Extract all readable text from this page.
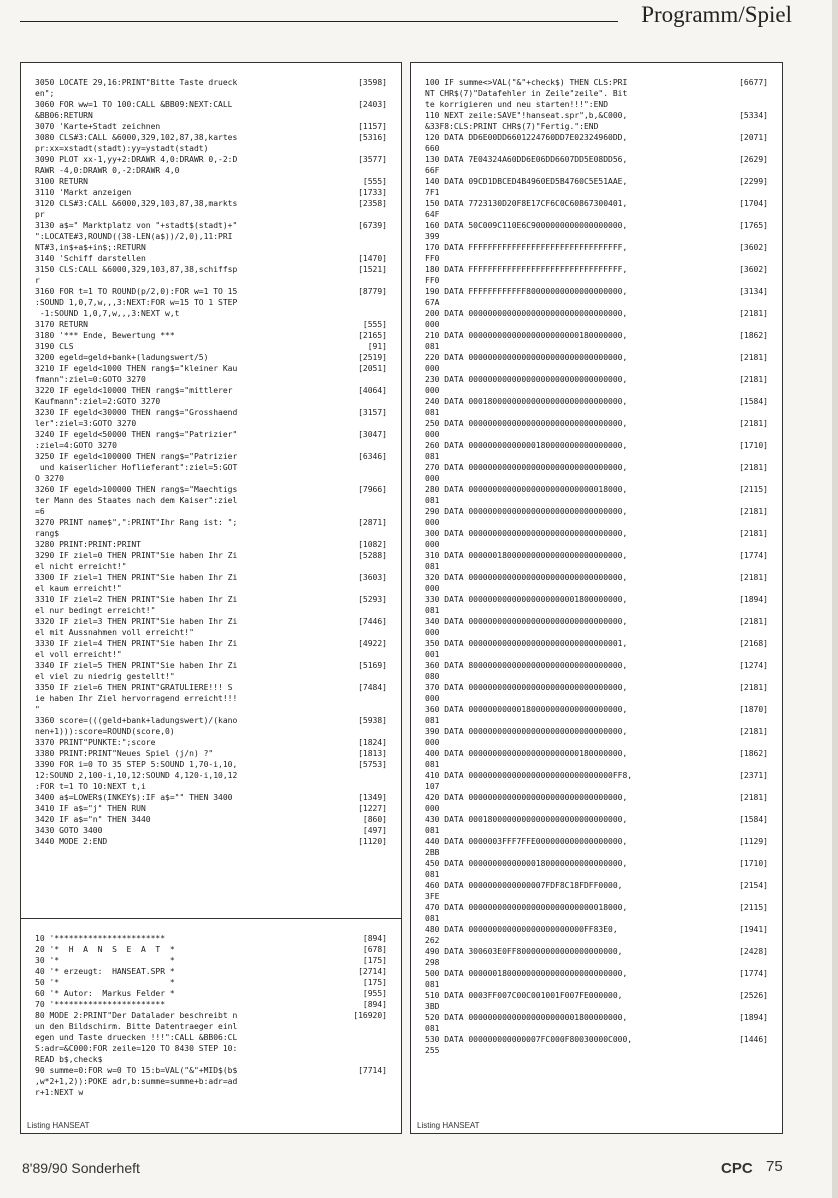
Programm/Spiel
3050 LOCATE 29,16:PRINT"Bitte Taste drueck	[3598]
en";
3060 FOR ww=1 TO 100:CALL &BB09:NEXT:CALL	[2403]
&BB06:RETURN
3070 'Karte+Stadt zeichnen	[1157]
3080 CLS#3:CALL &6000,329,102,87,38,kartes	[5316]
pr:xx=xstadt(stadt):yy=ystadt(stadt)
3090 PLOT xx-1,yy+2:DRAWR 4,0:DRAWR 0,-2:D	[3577]
RAWR -4,0:DRAWR 0,-2:DRAWR 4,0
3100 RETURN	[555]
3110 'Markt anzeigen	[1733]
3120 CLS#3:CALL &6000,329,103,87,38,markts	[2358]
pr
3130 a$=" Marktplatz von "+stadt$(stadt)+"	[6739]
":LOCATE#3,ROUND((38-LEN(a$))/2,0),11:PRI
NT#3,in$+a$+in$;:RETURN
3140 'Schiff darstellen	[1470]
3150 CLS:CALL &6000,329,103,87,38,schiffsp	[1521]
r
3160 FOR t=1 TO ROUND(p/2,0):FOR w=1 TO 15	[8779]
:SOUND 1,0,7,w,,,3:NEXT:FOR w=15 TO 1 STEP
-1:SOUND 1,0,7,w,,,3:NEXT w,t
3170 RETURN	[555]
3180 '*** Ende, Bewertung ***	[2165]
3190 CLS	[91]
3200 egeld=geld+bank+(ladungswert/5)	[2519]
3210 IF egeld<1000 THEN rang$="kleiner Kau	[2051]
fmann":ziel=0:GOTO 3270
3220 IF egeld<10000 THEN rang$="mittlerer	[4064]
Kaufmann":ziel=2:GOTO 3270
3230 IF egeld<30000 THEN rang$="Grosshaend	[3157]
ler":ziel=3:GOTO 3270
3240 IF egeld<50000 THEN rang$="Patrizier"	[3047]
:ziel=4:GOTO 3270
3250 IF egeld<100000 THEN rang$="Patrizier	[6346]
und kaiserlicher Hoflieferant":ziel=5:GOT
O 3270
3260 IF egeld>100000 THEN rang$="Maechtigs	[7966]
ter Mann des Staates nach dem Kaiser":ziel
=6
3270 PRINT name$",":PRINT"Ihr Rang ist: ";	[2871]
rang$
3280 PRINT:PRINT:PRINT	[1082]
3290 IF ziel=0 THEN PRINT"Sie haben Ihr Zi	[5288]
el nicht erreicht!"
3300 IF ziel=1 THEN PRINT"Sie haben Ihr Zi	[3603]
el kaum erreicht!"
3310 IF ziel=2 THEN PRINT"Sie haben Ihr Zi	[5293]
el nur bedingt erreicht!"
3320 IF ziel=3 THEN PRINT"Sie haben Ihr Zi	[7446]
el mit Aussnahmen voll erreicht!"
3330 IF ziel=4 THEN PRINT"Sie haben Ihr Zi	[4922]
el voll erreicht!"
3340 IF ziel=5 THEN PRINT"Sie haben Ihr Zi	[5169]
el viel zu niedrig gestellt!"
3350 IF ziel=6 THEN PRINT"GRATULIERE!!! S	[7484]
ie haben Ihr Ziel hervorragend erreicht!!!
"
3360 score=(((geld+bank+ladungswert)/(kano	[5938]
nen+1))):score=ROUND(score,0)
3370 PRINT"PUNKTE:";score	[1824]
3380 PRINT:PRINT"Neues Spiel (j/n) ?"	[1813]
3390 FOR i=0 TO 35 STEP 5:SOUND 1,70-i,10,	[5753]
12:SOUND 2,100-i,10,12:SOUND 4,120-i,10,12
:FOR t=1 TO 10:NEXT t,i
3400 a$=LOWER$(INKEY$):IF a$="" THEN 3400	[1349]
3410 IF a$="j" THEN RUN	[1227]
3420 IF a$="n" THEN 3440	[860]
3430 GOTO 3400	[497]
3440 MODE 2:END	[1120]
10 '***********************	[894]
20 '*  H  A  N  S  E  A  T  *	[678]
30 '*                       *	[175]
40 '* erzeugt:  HANSEAT.SPR *	[2714]
50 '*                       *	[175]
60 '* Autor:  Markus Felder *	[955]
70 '***********************	[894]
80 MODE 2:PRINT"Der Datalader beschreibt n	[16920]
un den Bildschirm. Bitte Datentraeger einl
egen und Taste druecken !!!":CALL &BB06:CL
S:adr=&C000:FOR zeile=120 TO 8430 STEP 10:
READ b$,check$
90 summe=0:FOR w=0 TO 15:b=VAL("&"+MID$(b$	[7714]
,w*2+1,2)):POKE adr,b:summe=summe+b:adr=ad
r+1:NEXT w
Listing HANSEAT
100 IF summe<>VAL("&"+check$) THEN CLS:PRI	[6677]
NT CHR$(7)"Datafehler in Zeile"zeile". Bit
te korrigieren und neu starten!!!":END
110 NEXT zeile:SAVE"!hanseat.spr",b,&C000,	[5334]
&33F8:CLS:PRINT CHR$(7)"Fertig.":END
120 DATA DD6E00DD6601224760DD7E02324960DD,	[2071]
660
130 DATA 7E04324A60DD6E06DD6607DD5E08DD56,	[2629]
66F
140 DATA 09CD1DBCED4B4960ED5B4760C5E51AAE,	[2299]
7F1
150 DATA 7723130D20F8E17CF6C0C60867300401,	[1704]
64F
160 DATA 50C009C110E6C9000000000000000000,	[1765]
399
170 DATA FFFFFFFFFFFFFFFFFFFFFFFFFFFFFFFF,	[3602]
FF0
180 DATA FFFFFFFFFFFFFFFFFFFFFFFFFFFFFFFF,	[3602]
FF0
190 DATA FFFFFFFFFFFF80000000000000000000,	[3134]
67A
200 DATA 00000000000000000000000000000000,	[2181]
000
210 DATA 00000000000000000000000180000000,	[1862]
081
220 DATA 00000000000000000000000000000000,	[2181]
000
230 DATA 00000000000000000000000000000000,	[2181]
000
240 DATA 00018000000000000000000000000000,	[1584]
081
250 DATA 00000000000000000000000000000000,	[2181]
000
260 DATA 00000000000000180000000000000000,	[1710]
081
270 DATA 00000000000000000000000000000000,	[2181]
000
280 DATA 00000000000000000000000000018000,	[2115]
081
290 DATA 00000000000000000000000000000000,	[2181]
000
300 DATA 00000000000000000000000000000000,	[2181]
000
310 DATA 00000018000000000000000000000000,	[1774]
081
320 DATA 00000000000000000000000000000000,	[2181]
000
330 DATA 00000000000000000000001800000000,	[1894]
081
340 DATA 00000000000000000000000000000000,	[2181]
000
350 DATA 00000000000000000000000000000001,	[2168]
001
360 DATA 80000000000000000000000000000000,	[1274]
080
370 DATA 00000000000000000000000000000000,	[2181]
000
360 DATA 00000000000180000000000000000000,	[1870]
081
390 DATA 00000000000000000000000000000000,	[2181]
000
400 DATA 00000000000000000000000180000000,	[1862]
081
410 DATA 000000000000000000000000000000FF8,	[2371]
107
420 DATA 00000000000000000000000000000000,	[2181]
000
430 DATA 00018000000000000000000000000000,	[1584]
081
440 DATA 0000003FFF7FFE000000000000000000,	[1129]
2BB
450 DATA 00000000000000180000000000000000,	[1710]
081
460 DATA 0000000000000007FDF8C18FDFF0000,	[2154]
3FE
470 DATA 00000000000000000000000000018000,	[2115]
081
480 DATA 000000000000000000000000FF83E0,	[1941]
262
490 DATA 300603E0FF800000000000000000000,	[2428]
298
500 DATA 00000018000000000000000000000000,	[1774]
081
510 DATA 0003FF007C00C001001F007FE000000,	[2526]
3BD
520 DATA 00000000000000000000001800000000,	[1894]
081
530 DATA 000000000000007FC000F80030000C000,	[1446]
255
Listing HANSEAT
8'89/90 Sonderheft	CPC 75
